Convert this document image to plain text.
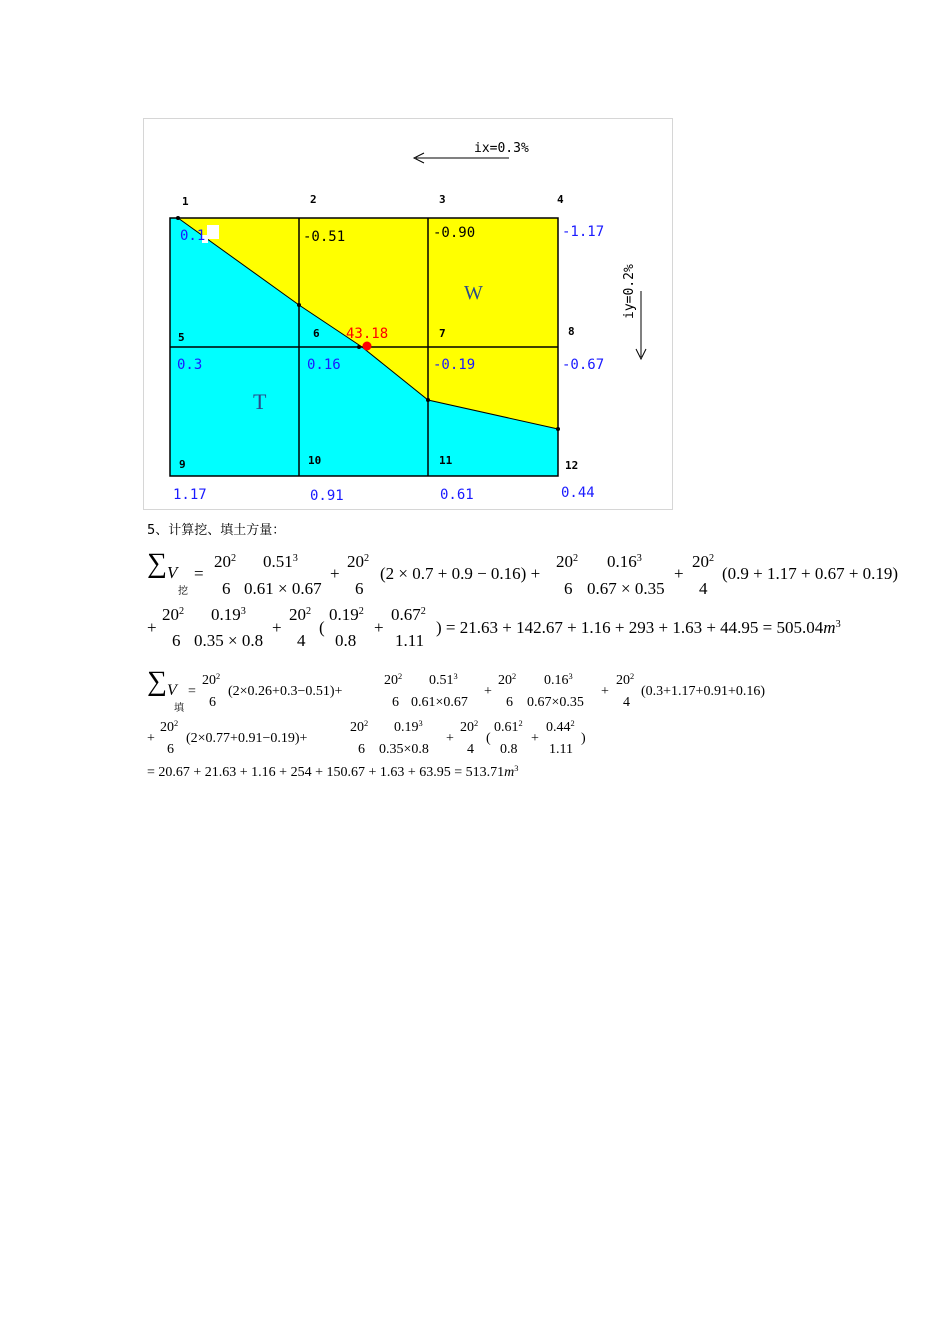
ix=0.3%
iy=0.2%
1	2	3	4
5	6	7	8
9	10	11	12
0.1	-0.51	-0.90	-1.17
0.3	0.16	-0.19	-0.67
1.17	0.91	0.61	0.44
43.18
T
W
5、计算挖、填土方量：
∑ V
挖
=
$20^2$
6
0.51$^3$
0.61 × 0.67
+
$20^2$
6
(2 × 0.7 + 0.9 − 0.16) +
$20^2$
6
0.16$^3$
0.67 × 0.35
+
$20^2$
4
(0.9 + 1.17 + 0.67 + 0.19)
+
$20^2$
6
0.19$^3$
0.35 × 0.8
+
$20^2$
4
(
0.19$^2$
0.8
+
$0.67^2$
1.11
) = $21.63 + 142.67 + 1.16 + 293 + 1.63 + 44.95 = 505.04m^3$
∑ V
填
=
$20^2$
6
(2×0.26+0.3−0.51)+
$20^2$
6
0.51$^3$
0.61×0.67
+
$20^2$
6
0.16$^3$
0.67×0.35
+
$20^2$
4
(0.3+1.17+0.91+0.16)
+
$20^2$
6
(2×0.77+0.91−0.19)+
$20^2$
6
0.19$^3$
0.35×0.8
+
$20^2$
4
(
0.61$^2$
0.8
+
$0.44^2$
1.11
)
= $20.67 + 21.63 + 1.16 + 254 + 150.67 + 1.63 + 63.95 = 513.71m^3$
